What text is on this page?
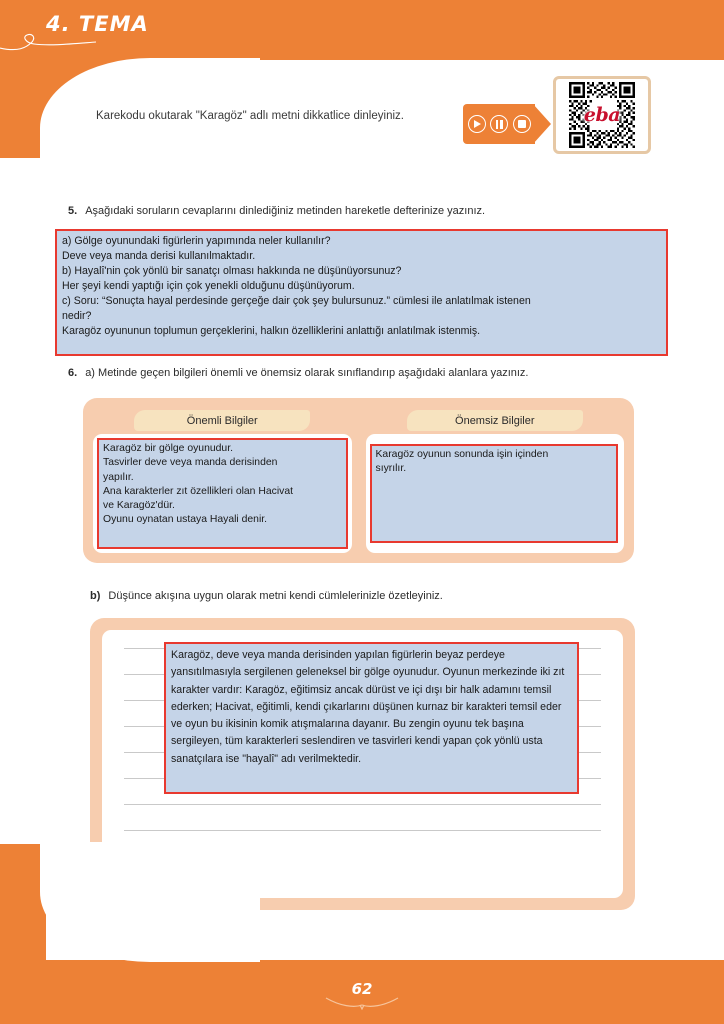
4. TEMA
Karekodu okutarak "Karagöz" adlı metni dikkatlice dinleyiniz.	eba
5. Aşağıdaki soruların cevaplarını dinlediğiniz metinden hareketle defterinize yazınız.
a) Gölge oyunundaki figürlerin yapımında neler kullanılır?
Deve veya manda derisi kullanılmaktadır.
b) Hayalî'nin çok yönlü bir sanatçı olması hakkında ne düşünüyorsunuz?
Her şeyi kendi yaptığı için çok yenekli olduğunu düşünüyorum.
c) Soru: “Sonuçta hayal perdesinde gerçeğe dair çok şey bulursunuz.” cümlesi ile anlatılmak istenen
nedir?
Karagöz oyununun toplumun gerçeklerini, halkın özelliklerini anlattığı anlatılmak istenmiş.
6. a) Metinde geçen bilgileri önemli ve önemsiz olarak sınıflandırıp aşağıdaki alanlara yazınız.
Önemli Bilgiler
Karagöz bir gölge oyunudur.
Tasvirler deve veya manda derisinden
yapılır.
Ana karakterler zıt özellikleri olan Hacivat
ve Karagöz'dür.
Oyunu oynatan ustaya Hayali denir.
Önemsiz Bilgiler
Karagöz oyunun sonunda işin içinden
sıyrılır.
b) Düşünce akışına uygun olarak metni kendi cümlelerinizle özetleyiniz.
Karagöz, deve veya manda derisinden yapılan figürlerin beyaz perdeye yansıtılmasıyla sergilenen geleneksel bir gölge oyunudur. Oyunun merkezinde iki zıt karakter vardır: Karagöz, eğitimsiz ancak dürüst ve içi dışı bir halk adamını temsil ederken; Hacivat, eğitimli, kendi çıkarlarını düşünen kurnaz bir karakteri temsil eder ve oyun bu ikisinin komik atışmalarına dayanır. Bu zengin oyunu tek başına sergileyen, tüm karakterleri seslendiren ve tasvirleri kendi yapan çok yönlü usta sanatçılara ise "hayalî" adı verilmektedir.
62
